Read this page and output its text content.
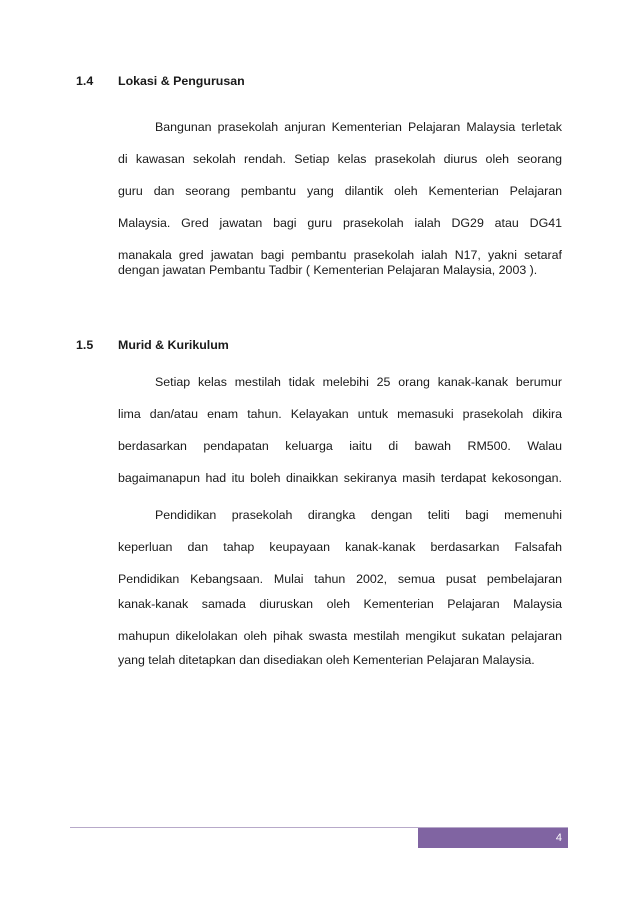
1.4 Lokasi & Pengurusan
Bangunan prasekolah anjuran Kementerian Pelajaran Malaysia terletak
di kawasan sekolah rendah. Setiap kelas prasekolah diurus oleh seorang
guru dan seorang pembantu yang dilantik oleh Kementerian Pelajaran
Malaysia. Gred jawatan bagi guru prasekolah ialah DG29 atau DG41
manakala gred jawatan bagi pembantu prasekolah ialah N17, yakni setaraf
dengan jawatan Pembantu Tadbir ( Kementerian Pelajaran Malaysia, 2003 ).
1.5 Murid & Kurikulum
Setiap kelas mestilah tidak melebihi 25 orang kanak-kanak berumur
lima dan/atau enam tahun. Kelayakan untuk memasuki prasekolah dikira
berdasarkan pendapatan keluarga iaitu di bawah RM500. Walau
bagaimanapun had itu boleh dinaikkan sekiranya masih terdapat kekosongan.
Pendidikan prasekolah dirangka dengan teliti bagi memenuhi
keperluan dan tahap keupayaan kanak-kanak berdasarkan Falsafah
Pendidikan Kebangsaan. Mulai tahun 2002, semua pusat pembelajaran
kanak-kanak samada diuruskan oleh Kementerian Pelajaran Malaysia
mahupun dikelolakan oleh pihak swasta mestilah mengikut sukatan pelajaran
yang telah ditetapkan dan disediakan oleh Kementerian Pelajaran Malaysia.
4
